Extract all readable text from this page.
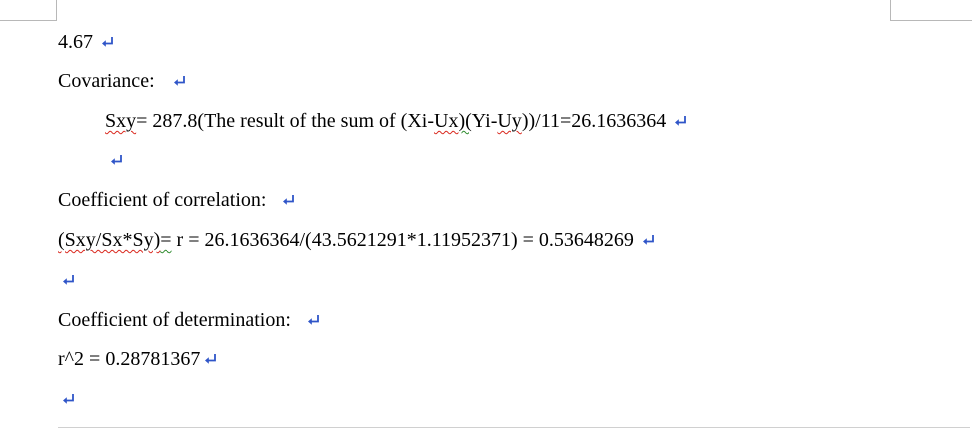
4.67
Covariance:
Sxy= 287.8(The result of the sum of (Xi-Ux)(Yi-Uy))/11=26.1636364
Coefficient of correlation:
(Sxy/Sx*Sy)= r = 26.1636364/(43.5621291*1.11952371) = 0.53648269
Coefficient of determination:
r^2 = 0.28781367
